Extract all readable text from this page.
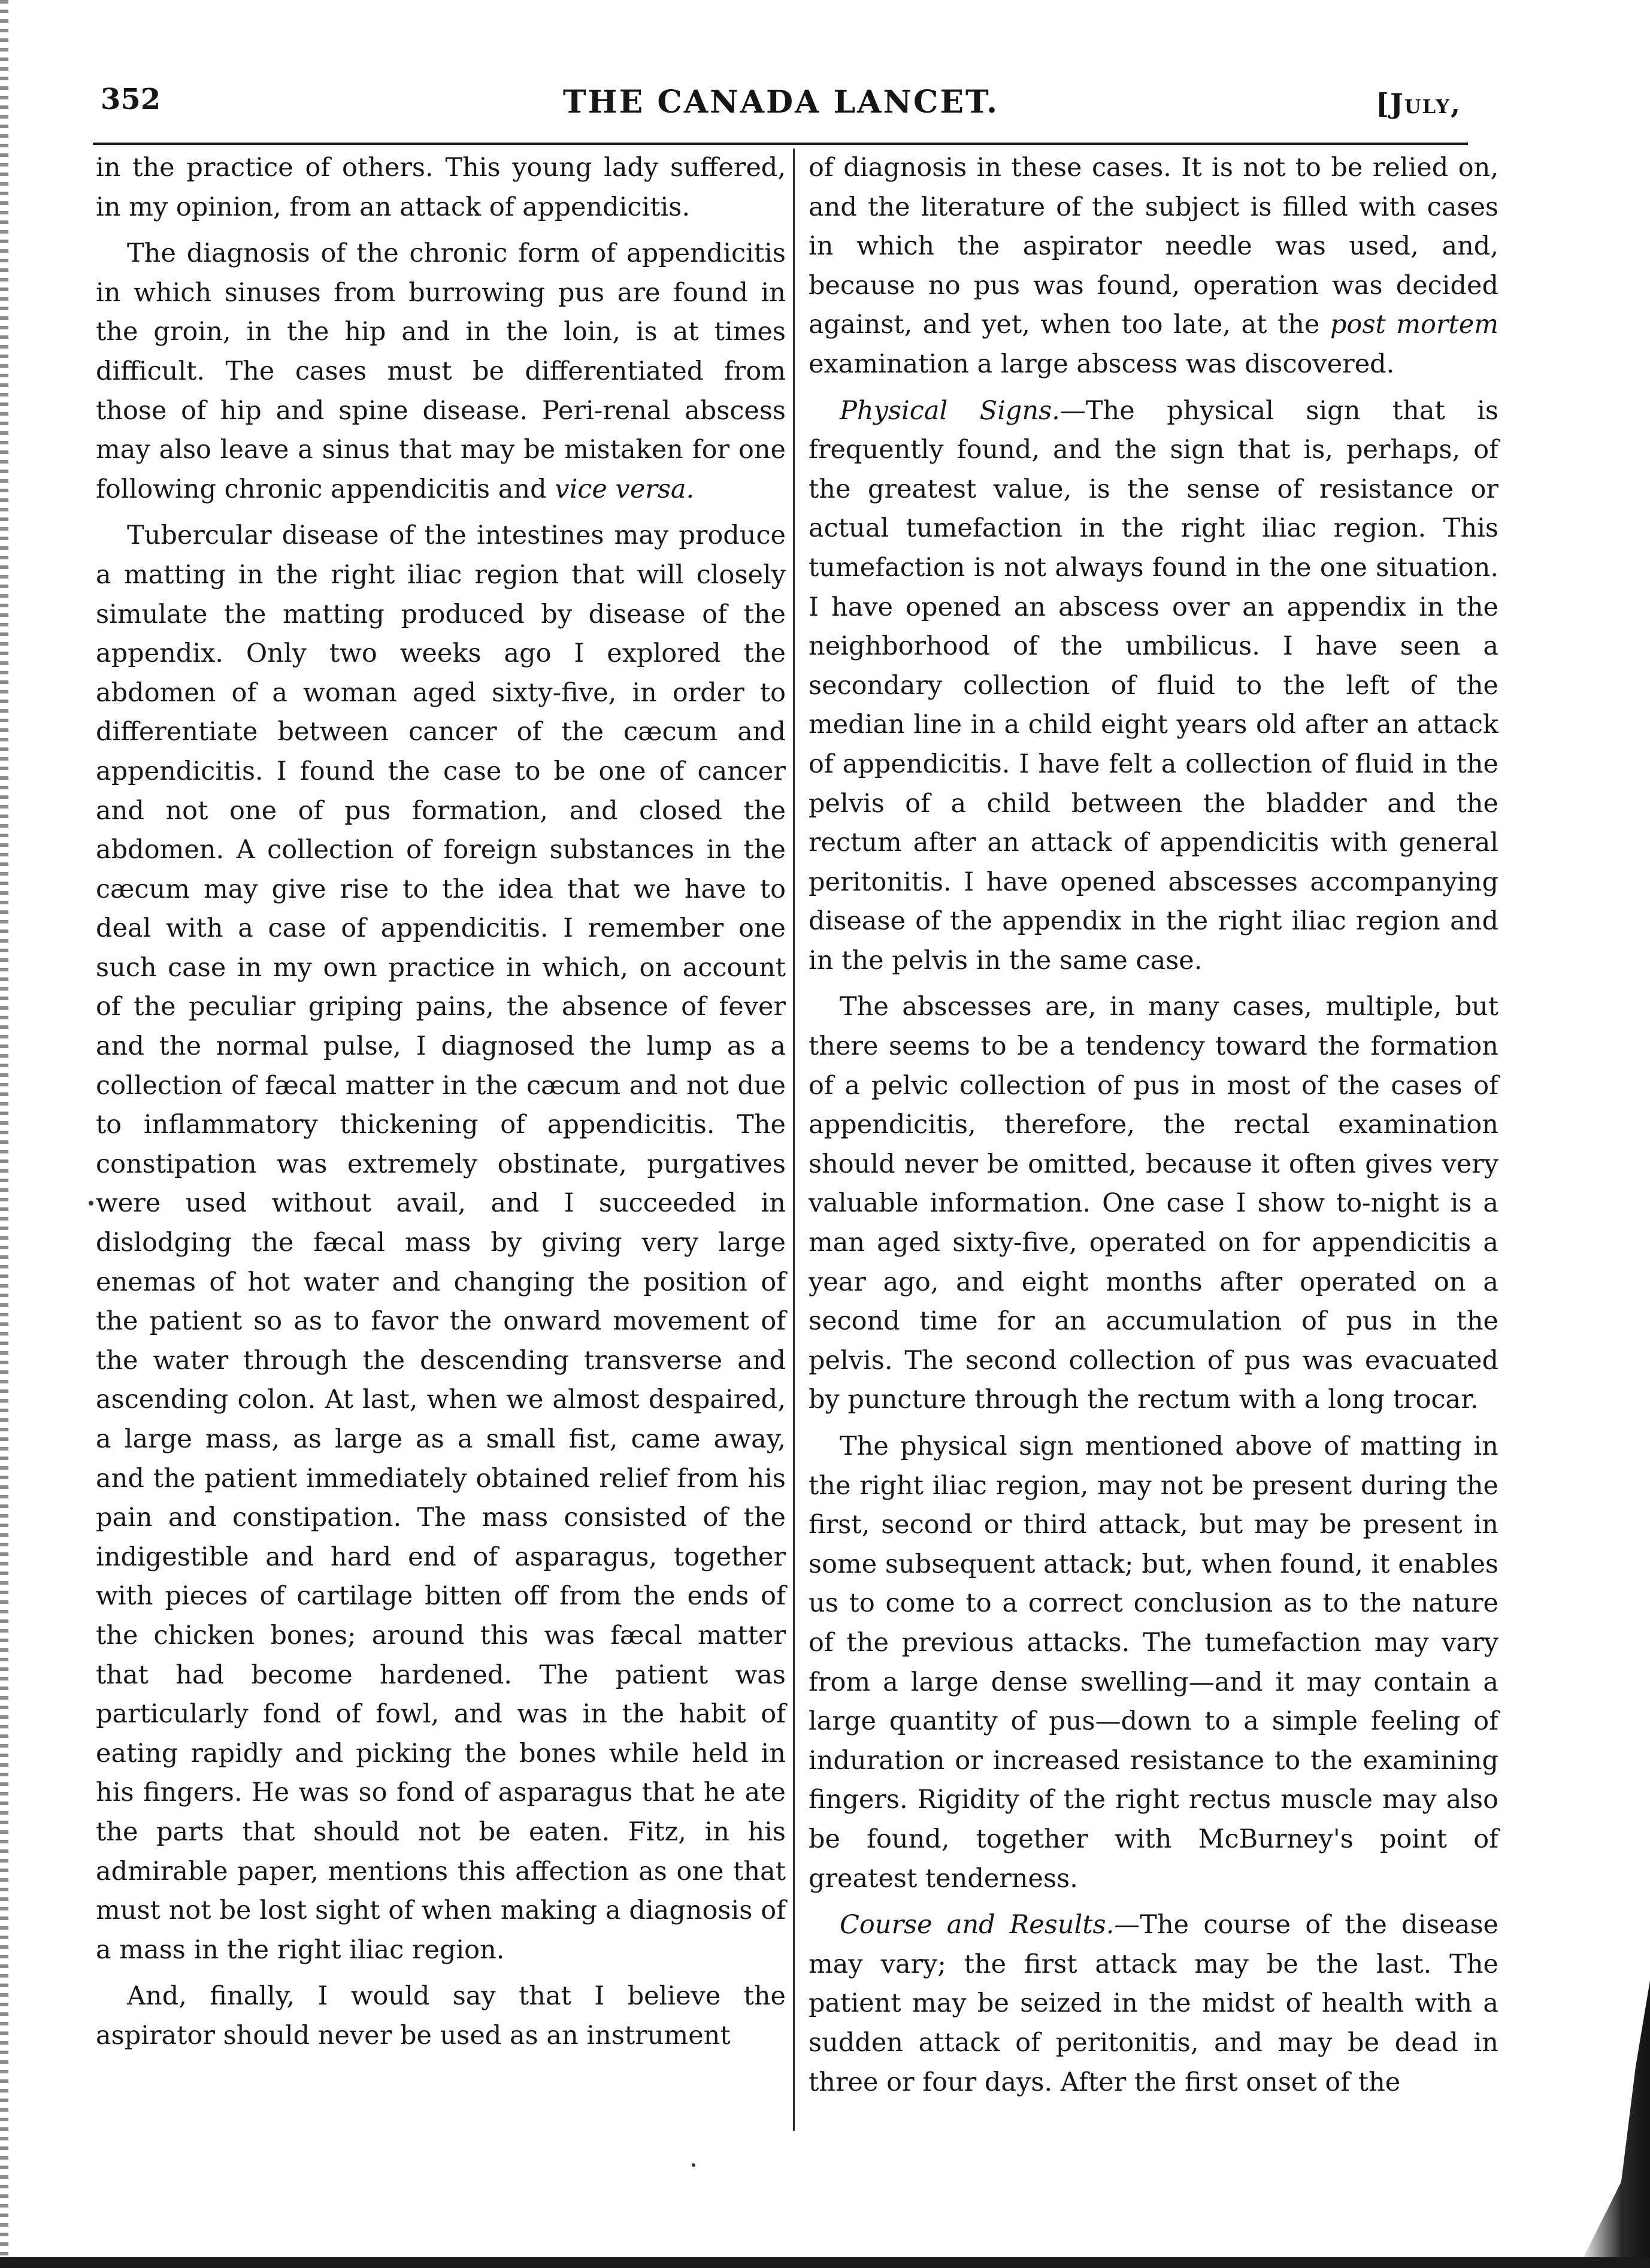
352	THE CANADA LANCET.	[July,

in the practice of others. This young lady suffered, in my opinion, from an attack of appendicitis.

The diagnosis of the chronic form of appendicitis in which sinuses from burrowing pus are found in the groin, in the hip and in the loin, is at times difficult. The cases must be differentiated from those of hip and spine disease. Peri-renal abscess may also leave a sinus that may be mistaken for one following chronic appendicitis and vice versa.

Tubercular disease of the intestines may produce a matting in the right iliac region that will closely simulate the matting produced by disease of the appendix. Only two weeks ago I explored the abdomen of a woman aged sixty-five, in order to differentiate between cancer of the cæcum and appendicitis. I found the case to be one of cancer and not one of pus formation, and closed the abdomen. A collection of foreign substances in the cæcum may give rise to the idea that we have to deal with a case of appendicitis. I remember one such case in my own practice in which, on account of the peculiar griping pains, the absence of fever and the normal pulse, I diagnosed the lump as a collection of fæcal matter in the cæcum and not due to inflammatory thickening of appendicitis. The constipation was extremely obstinate, purgatives were used without avail, and I succeeded in dislodging the fæcal mass by giving very large enemas of hot water and changing the position of the patient so as to favor the onward movement of the water through the descending transverse and ascending colon. At last, when we almost despaired, a large mass, as large as a small fist, came away, and the patient immediately obtained relief from his pain and constipation. The mass consisted of the indigestible and hard end of asparagus, together with pieces of cartilage bitten off from the ends of the chicken bones; around this was fæcal matter that had become hardened. The patient was particularly fond of fowl, and was in the habit of eating rapidly and picking the bones while held in his fingers. He was so fond of asparagus that he ate the parts that should not be eaten. Fitz, in his admirable paper, mentions this affection as one that must not be lost sight of when making a diagnosis of a mass in the right iliac region.

And, finally, I would say that I believe the aspirator should never be used as an instrument

of diagnosis in these cases. It is not to be relied on, and the literature of the subject is filled with cases in which the aspirator needle was used, and, because no pus was found, operation was decided against, and yet, when too late, at the post mortem examination a large abscess was discovered.

Physical Signs.—The physical sign that is frequently found, and the sign that is, perhaps, of the greatest value, is the sense of resistance or actual tumefaction in the right iliac region. This tumefaction is not always found in the one situation. I have opened an abscess over an appendix in the neighborhood of the umbilicus. I have seen a secondary collection of fluid to the left of the median line in a child eight years old after an attack of appendicitis. I have felt a collection of fluid in the pelvis of a child between the bladder and the rectum after an attack of appendicitis with general peritonitis. I have opened abscesses accompanying disease of the appendix in the right iliac region and in the pelvis in the same case.

The abscesses are, in many cases, multiple, but there seems to be a tendency toward the formation of a pelvic collection of pus in most of the cases of appendicitis, therefore, the rectal examination should never be omitted, because it often gives very valuable information. One case I show to-night is a man aged sixty-five, operated on for appendicitis a year ago, and eight months after operated on a second time for an accumulation of pus in the pelvis. The second collection of pus was evacuated by puncture through the rectum with a long trocar.

The physical sign mentioned above of matting in the right iliac region, may not be present during the first, second or third attack, but may be present in some subsequent attack; but, when found, it enables us to come to a correct conclusion as to the nature of the previous attacks. The tumefaction may vary from a large dense swelling—and it may contain a large quantity of pus—down to a simple feeling of induration or increased resistance to the examining fingers. Rigidity of the right rectus muscle may also be found, together with McBurney's point of greatest tenderness.

Course and Results.—The course of the disease may vary; the first attack may be the last. The patient may be seized in the midst of health with a sudden attack of peritonitis, and may be dead in three or four days. After the first onset of the
